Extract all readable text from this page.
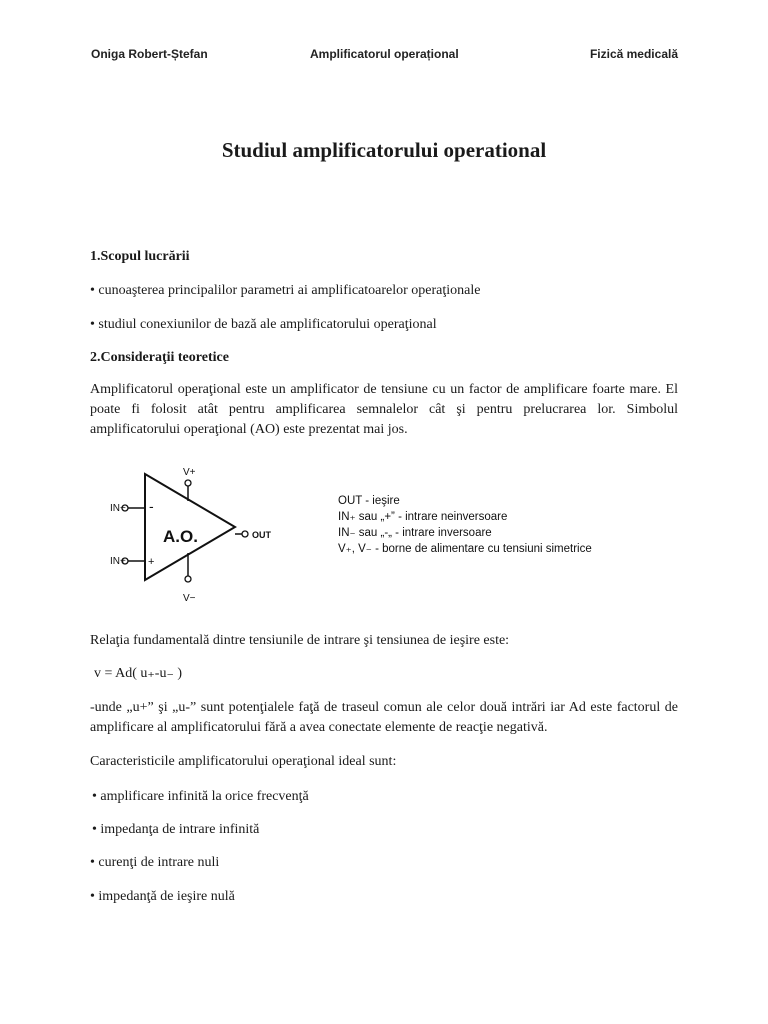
Oniga Robert-Ștefan	Amplificatorul operațional	Fizică medicală
Studiul amplificatorului operational
1.Scopul lucrării
• cunoaşterea principalilor parametri ai amplificatoarelor operaţionale
• studiul conexiunilor de bază ale amplificatorului operaţional
2.Consideraţii teoretice
Amplificatorul operaţional este un amplificator de tensiune cu un factor de amplificare foarte mare. El poate fi folosit atât pentru amplificarea semnalelor cât şi pentru prelucrarea lor. Simbolul amplificatorului operaţional (AO) este prezentat mai jos.
V+
V−
IN−
IN+
-
+
A.O.	OUT
OUT - ieşire
IN₊ sau „+” - intrare neinversoare
IN₋ sau „-„ - intrare inversoare
V₊, V₋ - borne de alimentare cu tensiuni simetrice
Relaţia fundamentală dintre tensiunile de intrare şi tensiunea de ieşire este:
v = Ad( u₊-u₋ )
-unde „u+” şi „u-” sunt potenţialele faţă de traseul comun ale celor două intrări iar Ad este factorul de amplificare al amplificatorului fără a avea conectate elemente de reacţie negativă.
Caracteristicile amplificatorului operaţional ideal sunt:
• amplificare infinită la orice frecvenţă
• impedanţa de intrare infinită
• curenţi de intrare nuli
• impedanţă de ieşire nulă
